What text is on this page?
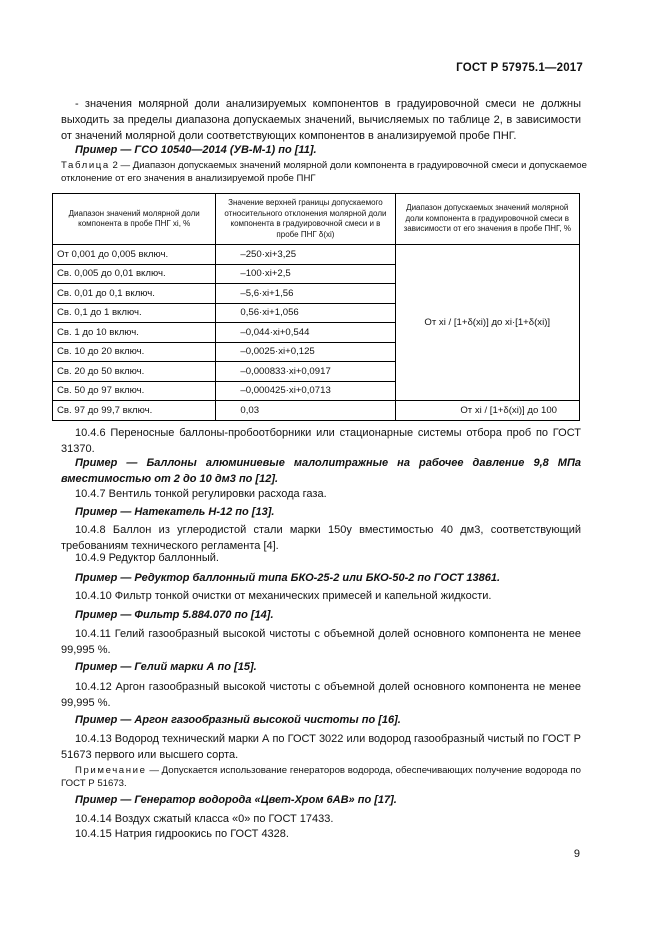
ГОСТ Р 57975.1—2017
- значения молярной доли анализируемых компонентов в градуировочной смеси не должны выходить за пределы диапазона допускаемых значений, вычисляемых по таблице 2, в зависимости от значений молярной доли соответствующих компонентов в анализируемой пробе ПНГ.
Пример — ГСО 10540—2014 (УВ-М-1) по [11].
Таблица 2 — Диапазон допускаемых значений молярной доли компонента в градуировочной смеси и допускаемое отклонение от его значения в анализируемой пробе ПНГ
Диапазон значений молярной доли компонента в пробе ПНГ xi, %	Значение верхней границы допускаемого относительного отклонения молярной доли компонента в градуировочной смеси и в пробе ПНГ δ(xi)	Диапазон допускаемых значений молярной доли компонента в градуировочной смеси в зависимости от его значения в пробе ПНГ, %
От 0,001 до 0,005 включ.	–250·xi+3,25	От xi / [1+δ(xi)] до xi·[1+δ(xi)]
Св. 0,005 до 0,01 включ.	–100·xi+2,5	
Св. 0,01 до 0,1 включ.	–5,6·xi+1,56	
Св. 0,1 до 1 включ.	0,56·xi+1,056	
Св. 1 до 10 включ.	–0,044·xi+0,544	
Св. 10 до 20 включ.	–0,0025·xi+0,125	
Св. 20 до 50 включ.	–0,000833·xi+0,0917	
Св. 50 до 97 включ.	–0,000425·xi+0,0713	
Св. 97 до 99,7 включ.	0,03	От xi / [1+δ(xi)] до 100
10.4.6 Переносные баллоны-пробоотборники или стационарные системы отбора проб по ГОСТ 31370.
Пример — Баллоны алюминиевые малолитражные на рабочее давление 9,8 МПа вместимостью от 2 до 10 дм3 по [12].
10.4.7 Вентиль тонкой регулировки расхода газа.
Пример — Натекатель Н-12 по [13].
10.4.8 Баллон из углеродистой стали марки 150у вместимостью 40 дм3, соответствующий требованиям технического регламента [4].
10.4.9 Редуктор баллонный.
Пример — Редуктор баллонный типа БКО-25-2 или БКО-50-2 по ГОСТ 13861.
10.4.10 Фильтр тонкой очистки от механических примесей и капельной жидкости.
Пример — Фильтр 5.884.070 по [14].
10.4.11 Гелий газообразный высокой чистоты с объемной долей основного компонента не менее 99,995 %.
Пример — Гелий марки А по [15].
10.4.12 Аргон газообразный высокой чистоты с объемной долей основного компонента не менее 99,995 %.
Пример — Аргон газообразный высокой чистоты по [16].
10.4.13 Водород технический марки А по ГОСТ 3022 или водород газообразный чистый по ГОСТ Р 51673 первого или высшего сорта.
Примечание — Допускается использование генераторов водорода, обеспечивающих получение водорода по ГОСТ Р 51673.
Пример — Генератор водорода «Цвет-Хром 6АВ» по [17].
10.4.14 Воздух сжатый класса «0» по ГОСТ 17433.
10.4.15 Натрия гидроокись по ГОСТ 4328.
9
